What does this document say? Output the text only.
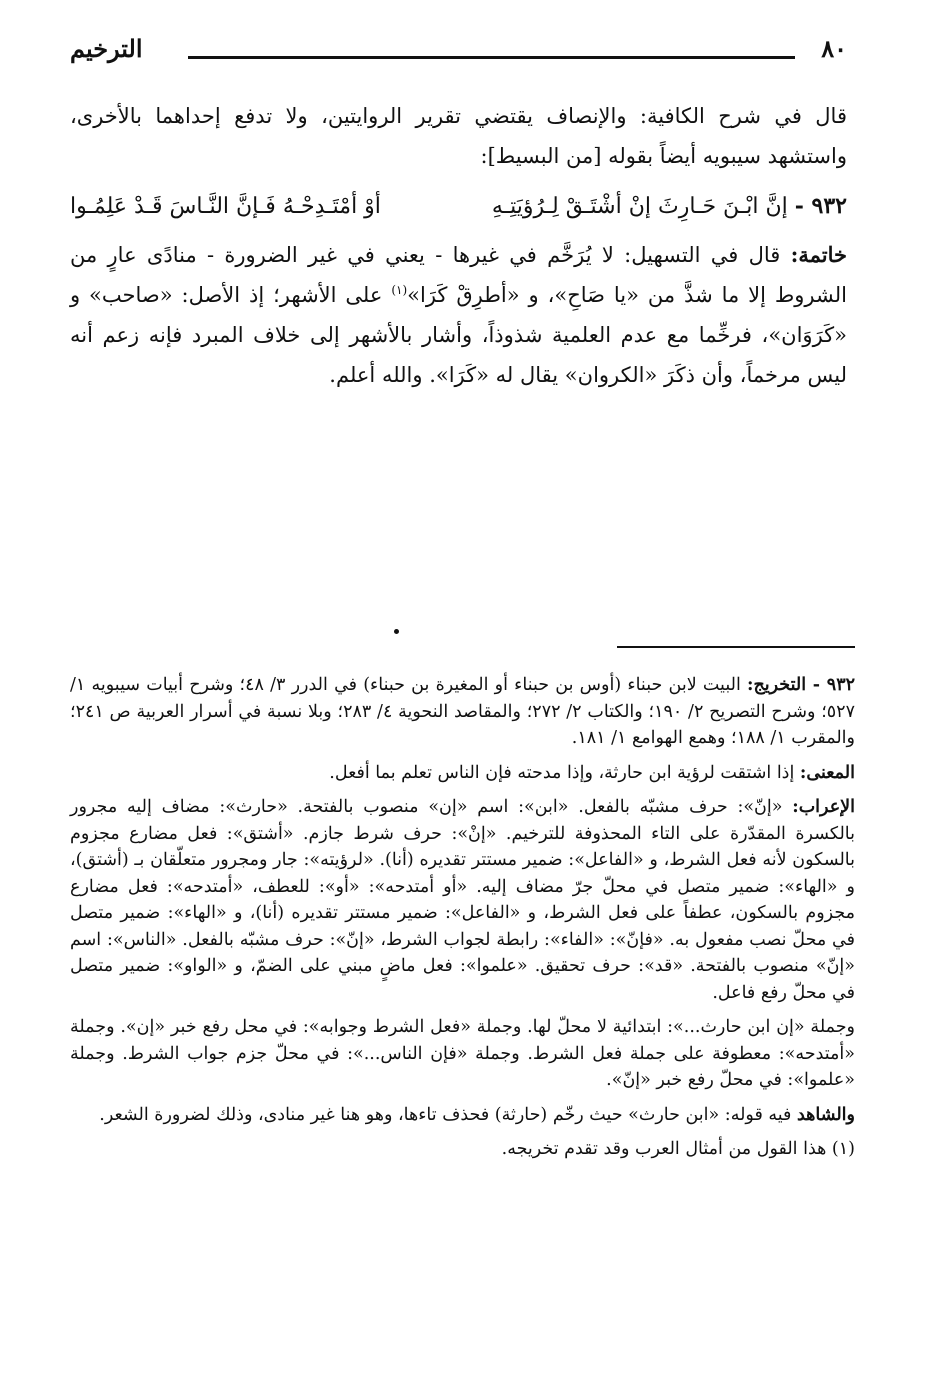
٨٠
الترخيم

قال في شرح الكافية: والإنصاف يقتضي تقرير الروايتين، ولا تدفع إحداهما بالأخرى، واستشهد سيبويه أيضاً بقوله [من البسيط]:

٩٣٢ - إنَّ ابْـنَ حَـارِثَ إنْ أشْتَـقْ لِـرُؤيَتِـهِ
أوْ أمْتَـدِحْـهُ فَـإنَّ النَّـاسَ قَـدْ عَلِمُـوا

خاتمة: قال في التسهيل: لا يُرَخَّم في غيرها - يعني في غير الضرورة - منادًى عارٍ من الشروط إلا ما شذَّ من «يا صَاحِ»، و «أطرِقْ كَرَا»$^{(١)}$ على الأشهر؛ إذ الأصل: «صاحب» و «كَرَوَان»، فرخِّما مع عدم العلمية شذوذاً، وأشار بالأشهر إلى خلاف المبرد فإنه زعم أنه ليس مرخماً، وأن ذكَرَ «الكروان» يقال له «كَرَا». والله أعلم.

٩٣٢ - التخريج: البيت لابن حبناء (أوس بن حبناء أو المغيرة بن حبناء) في الدرر ٣/ ٤٨؛ وشرح أبيات سيبويه ١/ ٥٢٧؛ وشرح التصريح ٢/ ١٩٠؛ والكتاب ٢/ ٢٧٢؛ والمقاصد النحوية ٤/ ٢٨٣؛ وبلا نسبة في أسرار العربية ص ٢٤١؛ والمقرب ١/ ١٨٨؛ وهمع الهوامع ١/ ١٨١.

المعنى: إذا اشتقت لرؤية ابن حارثة، وإذا مدحته فإن الناس تعلم بما أفعل.

الإعراب: «إنّ»: حرف مشبّه بالفعل. «ابن»: اسم «إن» منصوب بالفتحة. «حارث»: مضاف إليه مجرور بالكسرة المقدّرة على التاء المحذوفة للترخيم. «إنْ»: حرف شرط جازم. «أشتق»: فعل مضارع مجزوم بالسكون لأنه فعل الشرط، و «الفاعل»: ضمير مستتر تقديره (أنا). «لرؤيته»: جار ومجرور متعلّقان بـ (أشتق)، و «الهاء»: ضمير متصل في محلّ جرّ مضاف إليه. «أو أمتدحه»: «أو»: للعطف، «أمتدحه»: فعل مضارع مجزوم بالسكون، عطفاً على فعل الشرط، و «الفاعل»: ضمير مستتر تقديره (أنا)، و «الهاء»: ضمير متصل في محلّ نصب مفعول به. «فإنّ»: «الفاء»: رابطة لجواب الشرط، «إنّ»: حرف مشبّه بالفعل. «الناس»: اسم «إنّ» منصوب بالفتحة. «قد»: حرف تحقيق. «علموا»: فعل ماضٍ مبني على الضمّ، و «الواو»: ضمير متصل في محلّ رفع فاعل.

وجملة «إن ابن حارث...»: ابتدائية لا محلّ لها. وجملة «فعل الشرط وجوابه»: في محل رفع خبر «إن». وجملة «أمتدحه»: معطوفة على جملة فعل الشرط. وجملة «فإن الناس...»: في محلّ جزم جواب الشرط. وجملة «علموا»: في محلّ رفع خبر «إنّ».

والشاهد فيه قوله: «ابن حارث» حيث رخّم (حارثة) فحذف تاءها، وهو هنا غير منادى، وذلك لضرورة الشعر.

(١) هذا القول من أمثال العرب وقد تقدم تخريجه.
